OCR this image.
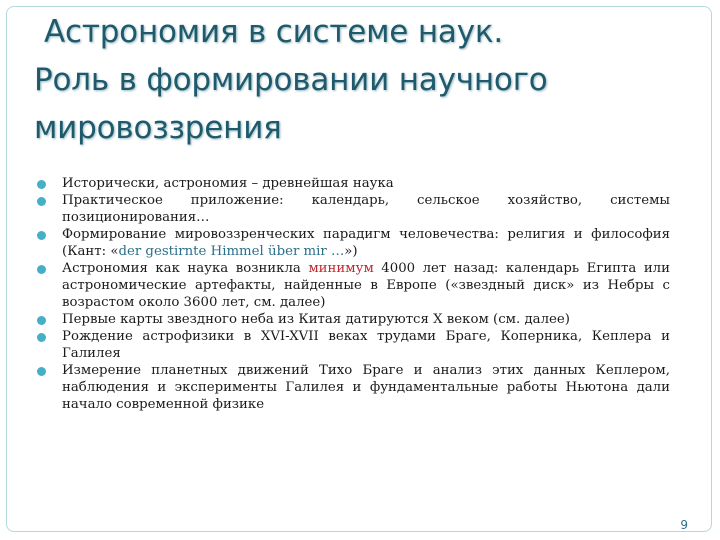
Астрономия в системе наук.
Роль в формировании научного
мировоззрения
Исторически, астрономия – древнейшая наука
Практическое приложение: календарь, сельское хозяйство, системы позиционирования…
Формирование мировоззренческих парадигм человечества: религия и философия (Кант: «der gestirnte Himmel über mir …»)
Астрономия как наука возникла минимум 4000 лет назад: календарь Египта или астрономические артефакты, найденные в Европе («звездный диск» из Небры с возрастом около 3600 лет, см. далее)
Первые карты звездного неба из Китая датируются X веком (см. далее)
Рождение астрофизики в XVI-XVII веках трудами Браге, Коперника, Кеплера и Галилея
Измерение планетных движений Тихо Браге и анализ этих данных Кеплером, наблюдения и эксперименты Галилея и фундаментальные работы Ньютона дали начало современной физике
9
